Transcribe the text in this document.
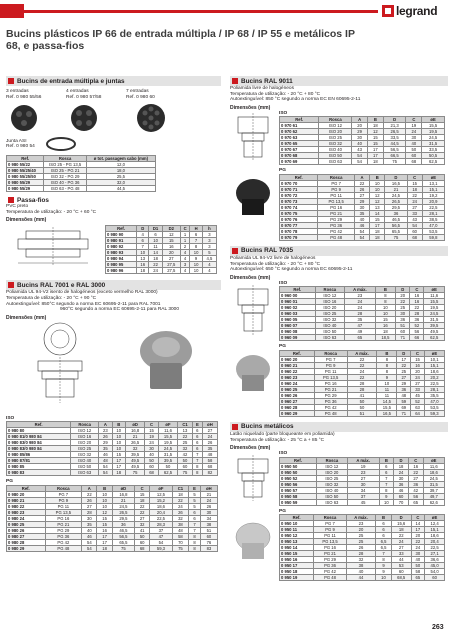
legrand
Bucins plásticos IP 66 de entrada múltipla / IP 68 / IP 55 e metálicos IP 68, e passa-fios
Bucins de entrada múltipla e juntas
3 entradas
Ref. 0 980 55/56
4 entradas
Ref. 0 980 57/58
7 entradas
Ref. 0 980 60
Junta ASI
Ref. 0 980 54
Ref.	Rosca	ø tot. passagem cabo (mm)
0 980 55/22	ISO 25 - PG 13,5	12,0
0 980 55/25/40	ISO 25 - PG 21	18,0
0 980 55/25/50	ISO 32 - PG 29	25,5
0 980 55/29	ISO 40 - PG 36	32,0
0 980 55/29	ISO 63 - PG 48	44,5
Passa-fios
PVC preto
Temperatura de utilização: - 20 °C + 60 °C
Dimensões (mm)
Ref.	D	D1	D2	C	H	h
0 980 90	4	6	12	1	6	3
0 980 91	6	10	15	1	7	3
0 980 92	7	11	16	2	8	3
0 980 93	10	14	20	4	10	5
0 980 94	13	18	27	4	9	4,5
0 980 95	16	22	27,5	3	10	4
0 980 96	18	24	27,5	4	10	4
Bucins RAL 7001 e RAL 3000
Poliamida UL 94-V2 isento de halogéneos (exceto vermelho RAL 3000)
Temperatura de utilização: - 20 °C + 90 °C
Autoextinguível: 850°C segundo a norma EC 60695-2-11 para RAL 7001
960°C segundo a norma EC 60695-2-11 para RAL 3000
Dimensões (mm)
ISO
Ref.	Rosca	A	B	øD	C	øF	C1	E	øH
0 980 80	ISO 12	23	10	16,8	15	11,6	13	6	27
0 980 81/0 980 84	ISO 16	26	10	21	19	15,5	22	6	24
0 980 83/0 980 84	ISO 20	29	10	26,5	24	19,5	25	6	26
0 980 83/0 980 84	ISO 25	35	10	32	30	24,5	32	6	35
0 980 85/86	ISO 32	46	15	39,5	40	31,5	42	7	48
0 980 87/81	ISO 40	48	17	49,5	50	39,5	50	7	58
0 980 85	ISO 50	54	17	49,5	60	50	60	8	68
0 980 83	ISO 63	54	18	75	68	62,5	75	8	82
PG
Ref.	Rosca	A	B	øD	C	øF	C1	E	øH
0 980 20	PG 7	22	10	16,8	15	12,5	18	5	21
0 980 21	PG 9	26	10	21	18	15,2	22	5	24
0 980 22	PG 11	27	10	24,5	22	18,6	24	5	26
0 980 23	PG 13,5	28	12	26,5	22	20,4	26	6	30
0 980 24	PG 16	30	15	29,5	27	22,5	32	6	34
0 980 25	PG 21	35	15	36	32	28,3	38	7	38
0 980 26	PG 29	40	16	46,5	41	37	48	7	51
0 980 27	PG 36	46	17	56,5	50	47	58	8	60
0 980 28	PG 42	54	17	65,5	60	54	70	8	76
0 980 29	PG 48	54	18	75	68	59,3	75	8	83
Bucins RAL 9011
Poliamida livre de halogéneos
Temperatura de utilização: - 20 °C + 80 °C
Autoextinguível: 850 °C segundo a norma EC EN 60695-2-11
Dimensões (mm)
ISO
Ref.	Rosca	A	B	D	C	øE
0 970 61	ISO 12	20	18	21,3	19	15,5
0 970 62	ISO 20	29	12	26,5	24	19,5
0 970 63	ISO 25	30	15	33,5	30	24,5
0 970 65	ISO 32	40	15	44,5	40	31,5
0 970 67	ISO 40	43	17	56,5	50	33,5
0 970 68	ISO 50	54	17	66,5	60	50,5
0 970 69	ISO 63	54	18	75	68	62,5
PG
Ref.	Rosca	A	B	D	C	øE
0 970 70	PG 7	22	10	16,5	15	13,1
0 970 71	PG 9	26	10	21	18	15,1
0 970 72	PG 11	27	12	24,5	22	19,2
0 970 73	PG 13,5	29	12	26,5	24	20,9
0 970 74	PG 16	30	13	29,5	27	22,5
0 970 75	PG 21	35	14	36	33	28,1
0 970 76	PG 29	40	15	46,5	43	38,5
0 970 77	PG 36	46	17	56,5	54	47,0
0 970 78	PG 42	54	18	65,5	60	53,5
0 970 79	PG 48	54	18	75	68	59,8
Bucins RAL 7035
Poliamida UL 94-V2 livre de halogéneos
Temperatura de utilização: - 20 °C + 80 °C
Autoextinguível: 650 °C segundo a norma EC 60695-2-11
Dimensões (mm)
ISO
Ref.	Rosca	A máx.	B	D	C	øE
0 960 00	ISO 12	23	8	20	16	11,6
0 960 01	ISO 16	24	8	22	16	15,5
0 960 02	ISO 20	24	10	25	22	19,5
0 960 03	ISO 25	28	10	30	28	24,5
0 960 05	ISO 32	35	15	36	36	31,5
0 960 07	ISO 40	47	16	51	52	39,5
0 960 08	ISO 50	49	18	60	56	49,5
0 960 09	ISO 63	65	18,5	71	66	62,5
PG
Ref.	Rosca	A máx.	B	D	C	øE
0 960 20	PG 7	22	8	17	15	10,1
0 960 21	PG 9	22	8	22	16	15,1
0 960 22	PG 11	24	8	25	20	18,6
0 960 23	PG 13,5	22	9	27	24	20,2
0 960 24	PG 16	28	10	29	27	22,5
0 960 25	PG 21	28	11	36	33	28,1
0 960 26	PG 29	41	11	48	45	35,5
0 960 27	PG 36	50	14,5	59	52	47,0
0 960 28	PG 42	50	15,5	69	63	53,5
0 960 29	PG 48	51	16,5	71	64	59,3
Bucins metálicos
Latão niquelado (parte bloqueante em poliamida)
Temperatura de utilização: - 25 °C a + 85 °C
Dimensões (mm)
ISO
Ref.	Rosca	A máx.	B	D	C	øE
0 950 50	ISO 12	19	6	18	16	11,6
0 950 50	ISO 20	23	6	24	22	18,6
0 950 52	ISO 25	27	7	30	27	24,5
0 950 56	ISO 32	30	7	36	36	31,5
0 950 57	ISO 40	34	8	46	42	39,7
0 950 58	ISO 50	37	9	60	56	49,7
0 950 59	ISO 63	45	10	70	65	62,6
PG
Ref.	Rosca	A máx.	B	D	C	øE
0 950 10	PG 7	23	6	15,6	14	12,4
0 950 11	PG 9	20	6	18	17	15,1
0 950 12	PG 11	25	6	22	20	18,6
0 950 13	PG 13,5	25	6,5	24	22	20,4
0 950 14	PG 16	26	6,5	27	24	22,5
0 950 15	PG 21	28	7	33	30	27,1
0 950 16	PG 29	32	8	44	40	36,6
0 950 17	PG 36	38	9	53	50	45,0
0 950 18	PG 42	40	9	60	58	54,0
0 950 19	PG 48	44	10	68,5	65	60
263
